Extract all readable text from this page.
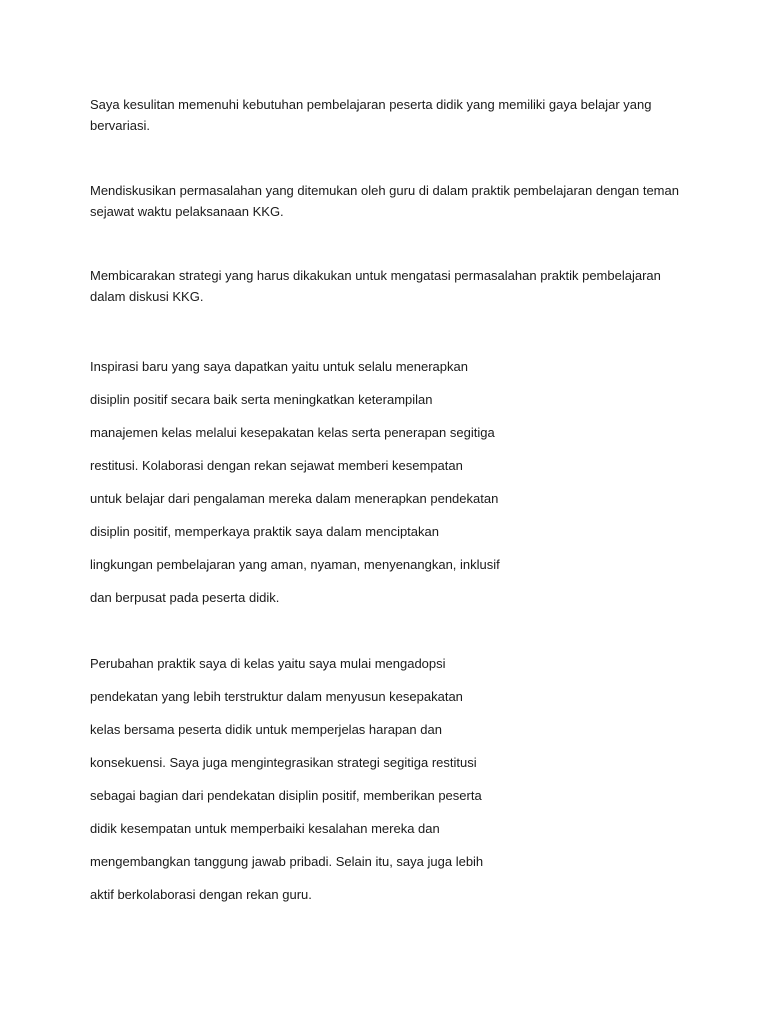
Saya kesulitan memenuhi kebutuhan pembelajaran peserta didik yang memiliki gaya belajar yang
bervariasi.
Mendiskusikan permasalahan yang ditemukan oleh guru di dalam praktik pembelajaran dengan teman
sejawat waktu pelaksanaan KKG.
Membicarakan strategi yang harus dikakukan untuk mengatasi permasalahan praktik pembelajaran
dalam diskusi KKG.
Inspirasi baru yang saya dapatkan yaitu untuk selalu menerapkan
disiplin positif secara baik serta meningkatkan keterampilan
manajemen kelas melalui kesepakatan kelas serta penerapan segitiga
restitusi. Kolaborasi dengan rekan sejawat memberi kesempatan
untuk belajar dari pengalaman mereka dalam menerapkan pendekatan
disiplin positif, memperkaya praktik saya dalam menciptakan
lingkungan pembelajaran yang aman, nyaman, menyenangkan, inklusif
dan berpusat pada peserta didik.
Perubahan praktik saya di kelas yaitu saya mulai mengadopsi
pendekatan yang lebih terstruktur dalam menyusun kesepakatan
kelas bersama peserta didik untuk memperjelas harapan dan
konsekuensi. Saya juga mengintegrasikan strategi segitiga restitusi
sebagai bagian dari pendekatan disiplin positif, memberikan peserta
didik kesempatan untuk memperbaiki kesalahan mereka dan
mengembangkan tanggung jawab pribadi. Selain itu, saya juga lebih
aktif berkolaborasi dengan rekan guru.
